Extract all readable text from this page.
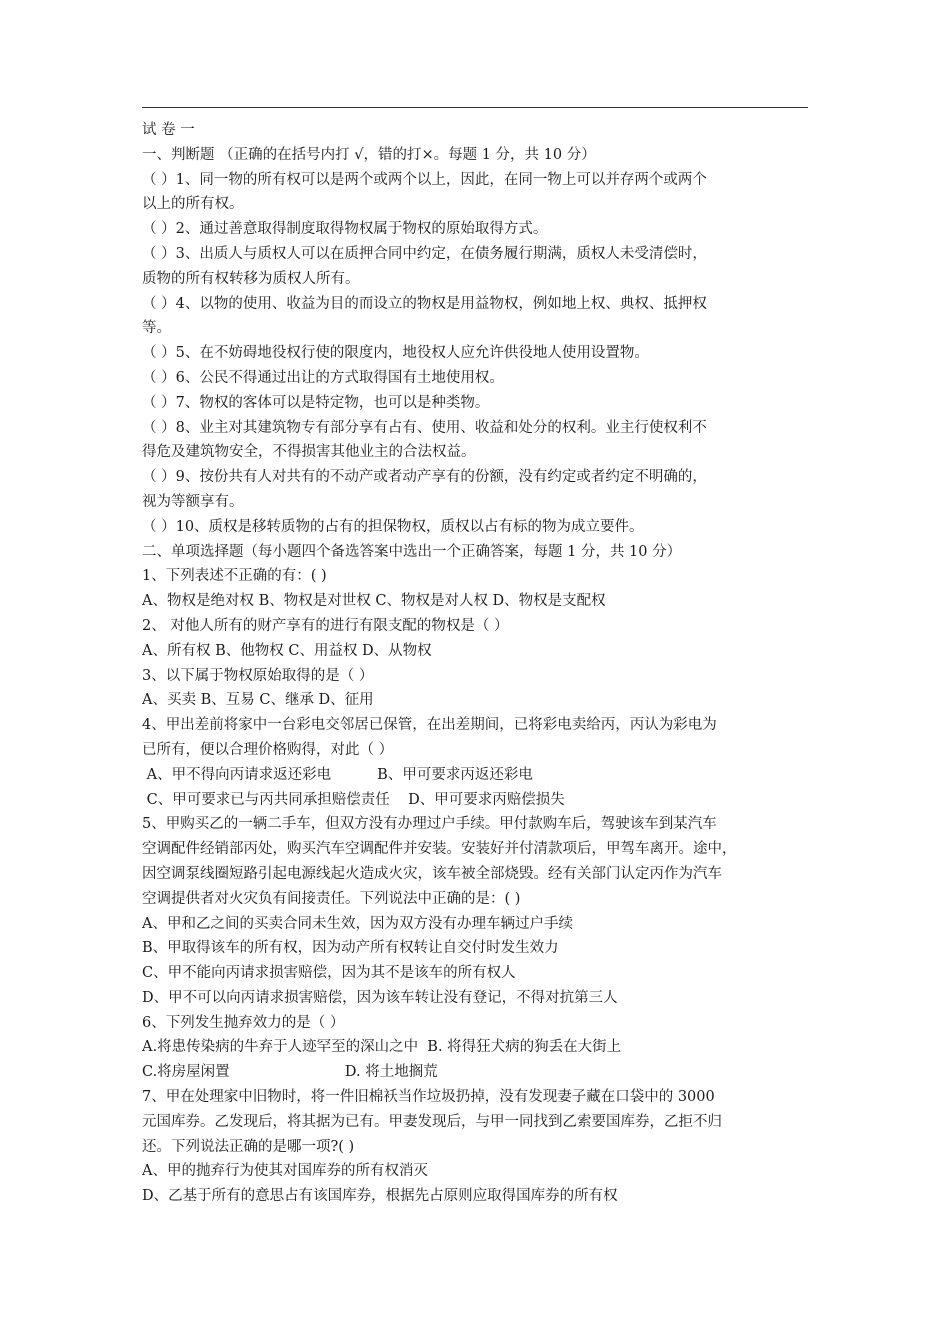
试 卷 一
一、判断题 （正确的在括号内打 √，错的打×。每题 1 分，共 10 分）
（ ）1、同一物的所有权可以是两个或两个以上，因此，在同一物上可以并存两个或两个
以上的所有权。
（ ）2、通过善意取得制度取得物权属于物权的原始取得方式。
（ ）3、出质人与质权人可以在质押合同中约定，在债务履行期满，质权人未受清偿时，
质物的所有权转移为质权人所有。
（ ）4、以物的使用、收益为目的而设立的物权是用益物权，例如地上权、典权、抵押权
等。
（ ）5、在不妨碍地役权行使的限度内，地役权人应允许供役地人使用设置物。
（ ）6、公民不得通过出让的方式取得国有土地使用权。
（ ）7、物权的客体可以是特定物，也可以是种类物。
（ ）8、业主对其建筑物专有部分享有占有、使用、收益和处分的权利。业主行使权利不
得危及建筑物安全，不得损害其他业主的合法权益。
（ ）9、按份共有人对共有的不动产或者动产享有的份额，没有约定或者约定不明确的，
视为等额享有。
（ ）10、质权是移转质物的占有的担保物权，质权以占有标的物为成立要件。
二、单项选择题（每小题四个备选答案中选出一个正确答案，每题 1 分，共 10 分）
1、下列表述不正确的有：( )
A、物权是绝对权 B、物权是对世权 C、物权是对人权 D、物权是支配权
2、 对他人所有的财产享有的进行有限支配的物权是（ ）
A、所有权 B、他物权 C、用益权 D、从物权
3、以下属于物权原始取得的是（ ）
A、买卖 B、互易 C、继承 D、征用
4、甲出差前将家中一台彩电交邻居已保管，在出差期间，已将彩电卖给丙，丙认为彩电为
已所有，便以合理价格购得，对此（ ）
A、甲不得向丙请求返还彩电          B、甲可要求丙返还彩电
C、甲可要求已与丙共同承担赔偿责任    D、甲可要求丙赔偿损失
5、甲购买乙的一辆二手车，但双方没有办理过户手续。甲付款购车后，驾驶该车到某汽车
空调配件经销部丙处，购买汽车空调配件并安装。安装好并付清款项后，甲驾车离开。途中，
因空调泵线圈短路引起电源线起火造成火灾，该车被全部烧毁。经有关部门认定丙作为汽车
空调提供者对火灾负有间接责任。下列说法中正确的是：( )
A、甲和乙之间的买卖合同未生效，因为双方没有办理车辆过户手续
B、甲取得该车的所有权，因为动产所有权转让自交付时发生效力
C、甲不能向丙请求损害赔偿，因为其不是该车的所有权人
D、甲不可以向丙请求损害赔偿，因为该车转让没有登记，不得对抗第三人
6、下列发生抛弃效力的是（ ）
A.将患传染病的牛弃于人迹罕至的深山之中  B. 将得狂犬病的狗丢在大街上
C.将房屋闲置                         D. 将土地搁荒
7、甲在处理家中旧物时，将一件旧棉袄当作垃圾扔掉，没有发现妻子藏在口袋中的 3000
元国库券。乙发现后，将其据为已有。甲妻发现后，与甲一同找到乙索要国库券，乙拒不归
还。下列说法正确的是哪一项?( )
A、甲的抛弃行为使其对国库券的所有权消灭
D、乙基于所有的意思占有该国库券，根据先占原则应取得国库券的所有权
